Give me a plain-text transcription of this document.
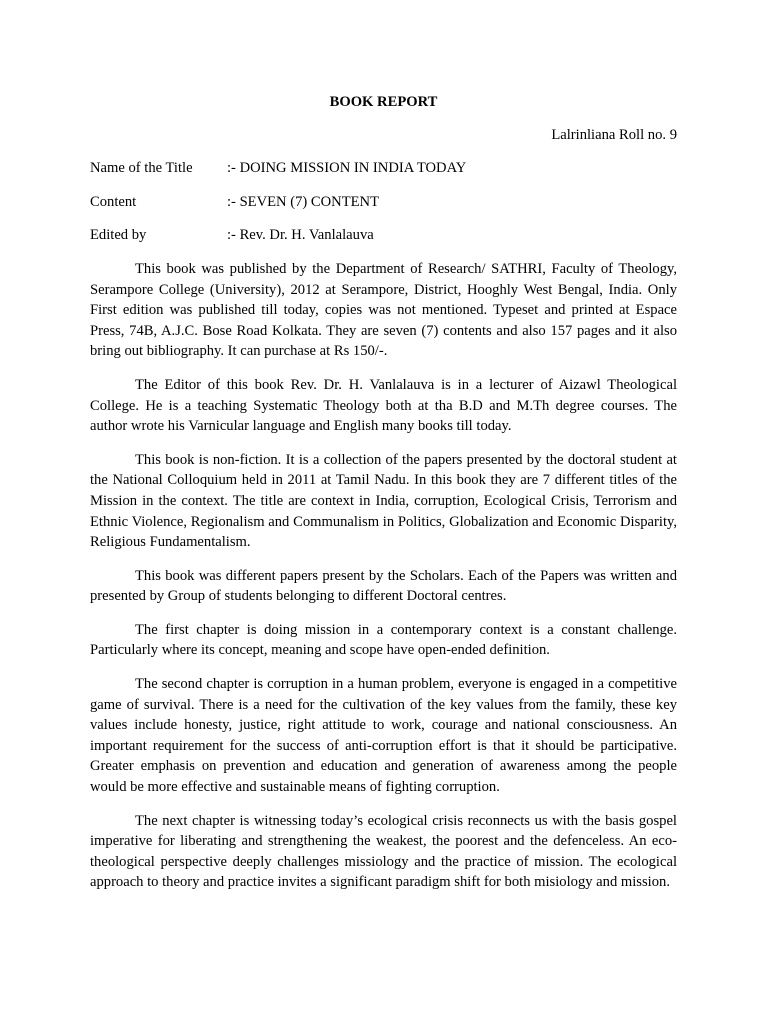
BOOK REPORT
Lalrinliana Roll no. 9
Name of the Title	:- DOING MISSION IN INDIA TODAY
Content	:- SEVEN (7) CONTENT
Edited by	:- Rev. Dr. H. Vanlalauva

This book was published by the Department of Research/ SATHRI, Faculty of Theology, Serampore College (University), 2012 at Serampore, District, Hooghly West Bengal, India. Only First edition was published till today, copies was not mentioned. Typeset and printed at Espace Press, 74B, A.J.C. Bose Road Kolkata. They are seven (7) contents and also 157 pages and it also bring out bibliography. It can purchase at Rs 150/-.

The Editor of this book Rev. Dr. H. Vanlalauva is in a lecturer of Aizawl Theological College. He is a teaching Systematic Theology both at tha B.D and M.Th degree courses. The author wrote his Varnicular language and English many books till today.

This book is non-fiction. It is a collection of the papers presented by the doctoral student at the National Colloquium held in 2011 at Tamil Nadu. In this book they are 7 different titles of the Mission in the context. The title are context in India, corruption, Ecological Crisis, Terrorism and Ethnic Violence, Regionalism and Communalism in Politics, Globalization and Economic Disparity, Religious Fundamentalism.

This book was different papers present by the Scholars. Each of the Papers was written and presented by Group of students belonging to different Doctoral centres.

The first chapter is doing mission in a contemporary context is a constant challenge. Particularly where its concept, meaning and scope have open-ended definition.

The second chapter is corruption in a human problem, everyone is engaged in a competitive game of survival. There is a need for the cultivation of the key values from the family, these key values include honesty, justice, right attitude to work, courage and national consciousness. An important requirement for the success of anti-corruption effort is that it should be participative. Greater emphasis on prevention and education and generation of awareness among the people would be more effective and sustainable means of fighting corruption.

The next chapter is witnessing today’s ecological crisis reconnects us with the basis gospel imperative for liberating and strengthening the weakest, the poorest and the defenceless. An eco-theological perspective deeply challenges missiology and the practice of mission. The ecological approach to theory and practice invites a significant paradigm shift for both misiology and mission.
